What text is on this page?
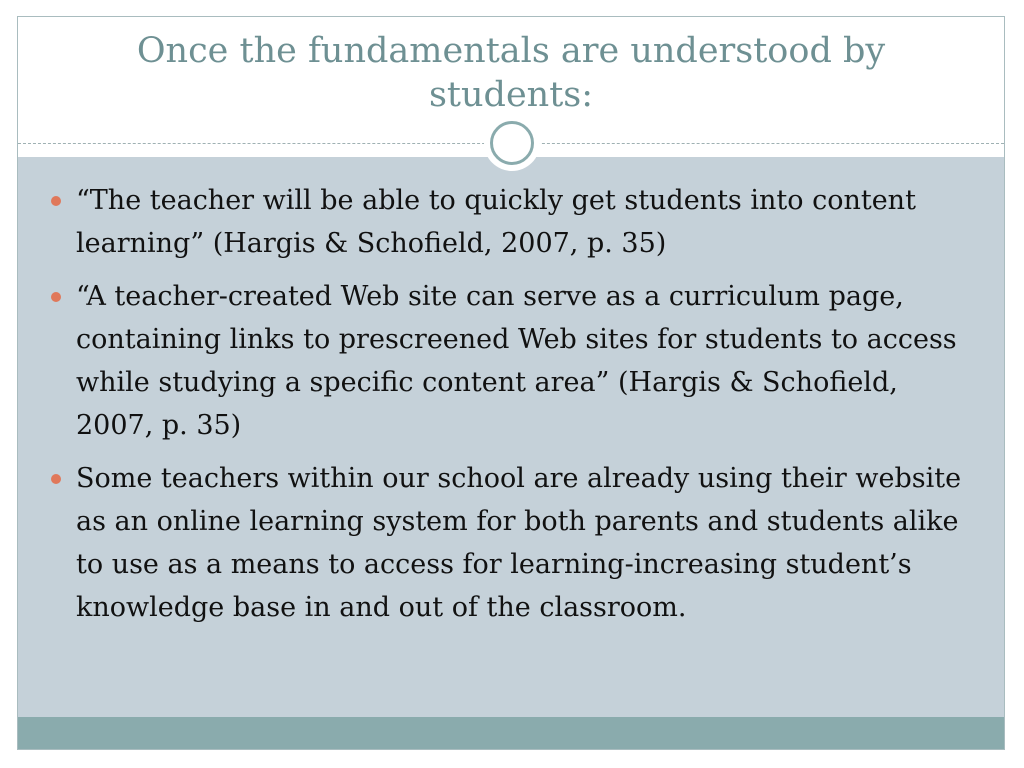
Once the fundamentals are understood by students:
“The teacher will be able to quickly get students into content learning” (Hargis & Schofield, 2007, p. 35)
“A teacher-created Web site can serve as a curriculum page, containing links to prescreened Web sites for students to access while studying a specific content area” (Hargis & Schofield, 2007, p. 35)
Some teachers within our school are already using their website as an online learning system for both parents and students alike to use as a means to access for learning-increasing student’s knowledge base in and out of the classroom.
